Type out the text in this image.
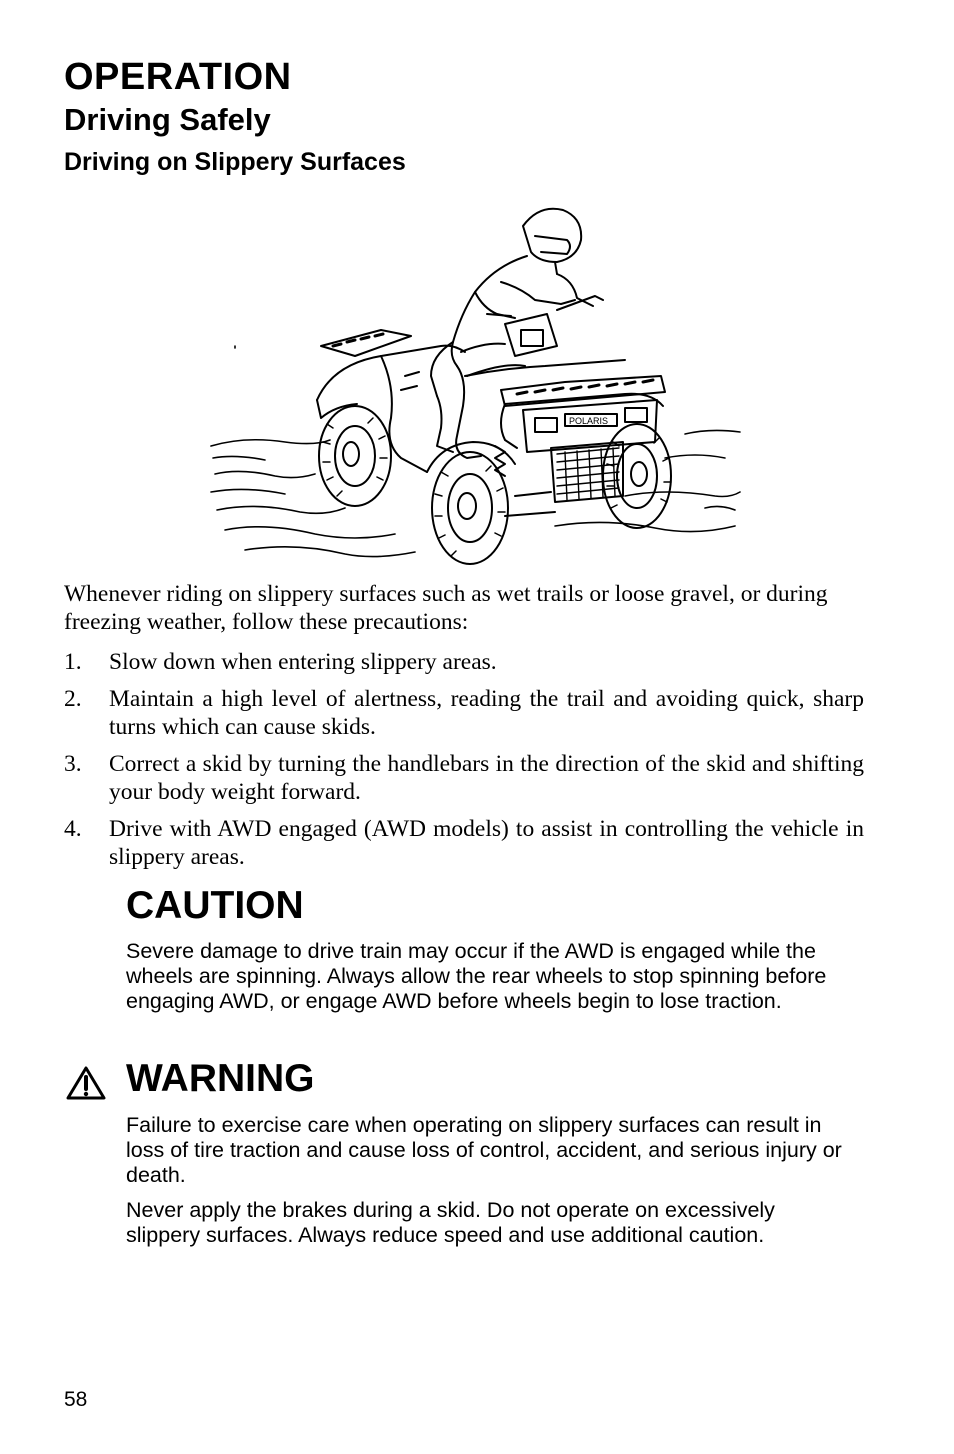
OPERATION
Driving Safely
Driving on Slippery Surfaces
POLARIS

Whenever riding on slippery surfaces such as wet trails or loose gravel, or during freezing weather, follow these precautions:

1. Slow down when entering slippery areas.
2. Maintain a high level of alertness, reading the trail and avoiding quick, sharp turns which can cause skids.
3. Correct a skid by turning the handlebars in the direction of the skid and shifting your body weight forward.
4. Drive with AWD engaged (AWD models) to assist in controlling the vehicle in slippery areas.
CAUTION

Severe damage to drive train may occur if the AWD is engaged while the wheels are spinning. Always allow the rear wheels to stop spinning before engaging AWD, or engage AWD before wheels begin to lose traction.

WARNING

Failure to exercise care when operating on slippery surfaces can result in loss of tire traction and cause loss of control, accident, and serious injury or death.

Never apply the brakes during a skid. Do not operate on excessively slippery surfaces. Always reduce speed and use additional caution.

58
